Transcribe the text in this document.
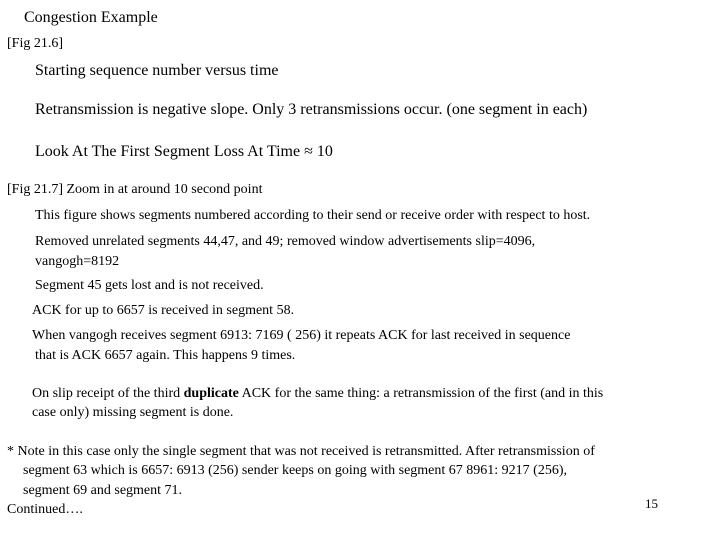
Congestion Example
[Fig 21.6]
Starting sequence number versus time
Retransmission is negative slope. Only 3 retransmissions occur. (one segment in each)
Look At The First Segment Loss At Time ≈ 10
[Fig 21.7] Zoom in at around 10 second point
This figure shows segments numbered according to their send or receive order with respect to host.
Removed unrelated segments 44,47, and 49; removed window advertisements slip=4096,
vangogh=8192
Segment 45 gets lost and is not received.
ACK for up to 6657 is received in segment 58.
When vangogh receives segment 6913: 7169 ( 256) it repeats ACK for last received in sequence
that is ACK 6657 again. This happens 9 times.
On slip receipt of the third duplicate ACK for the same thing: a retransmission of the first (and in this
case only) missing segment is done.
* Note in this case only the single segment that was not received is retransmitted. After retransmission of
segment 63 which is 6657: 6913 (256) sender keeps on going with segment 67 8961: 9217 (256),
segment 69 and segment 71.
Continued….	15
